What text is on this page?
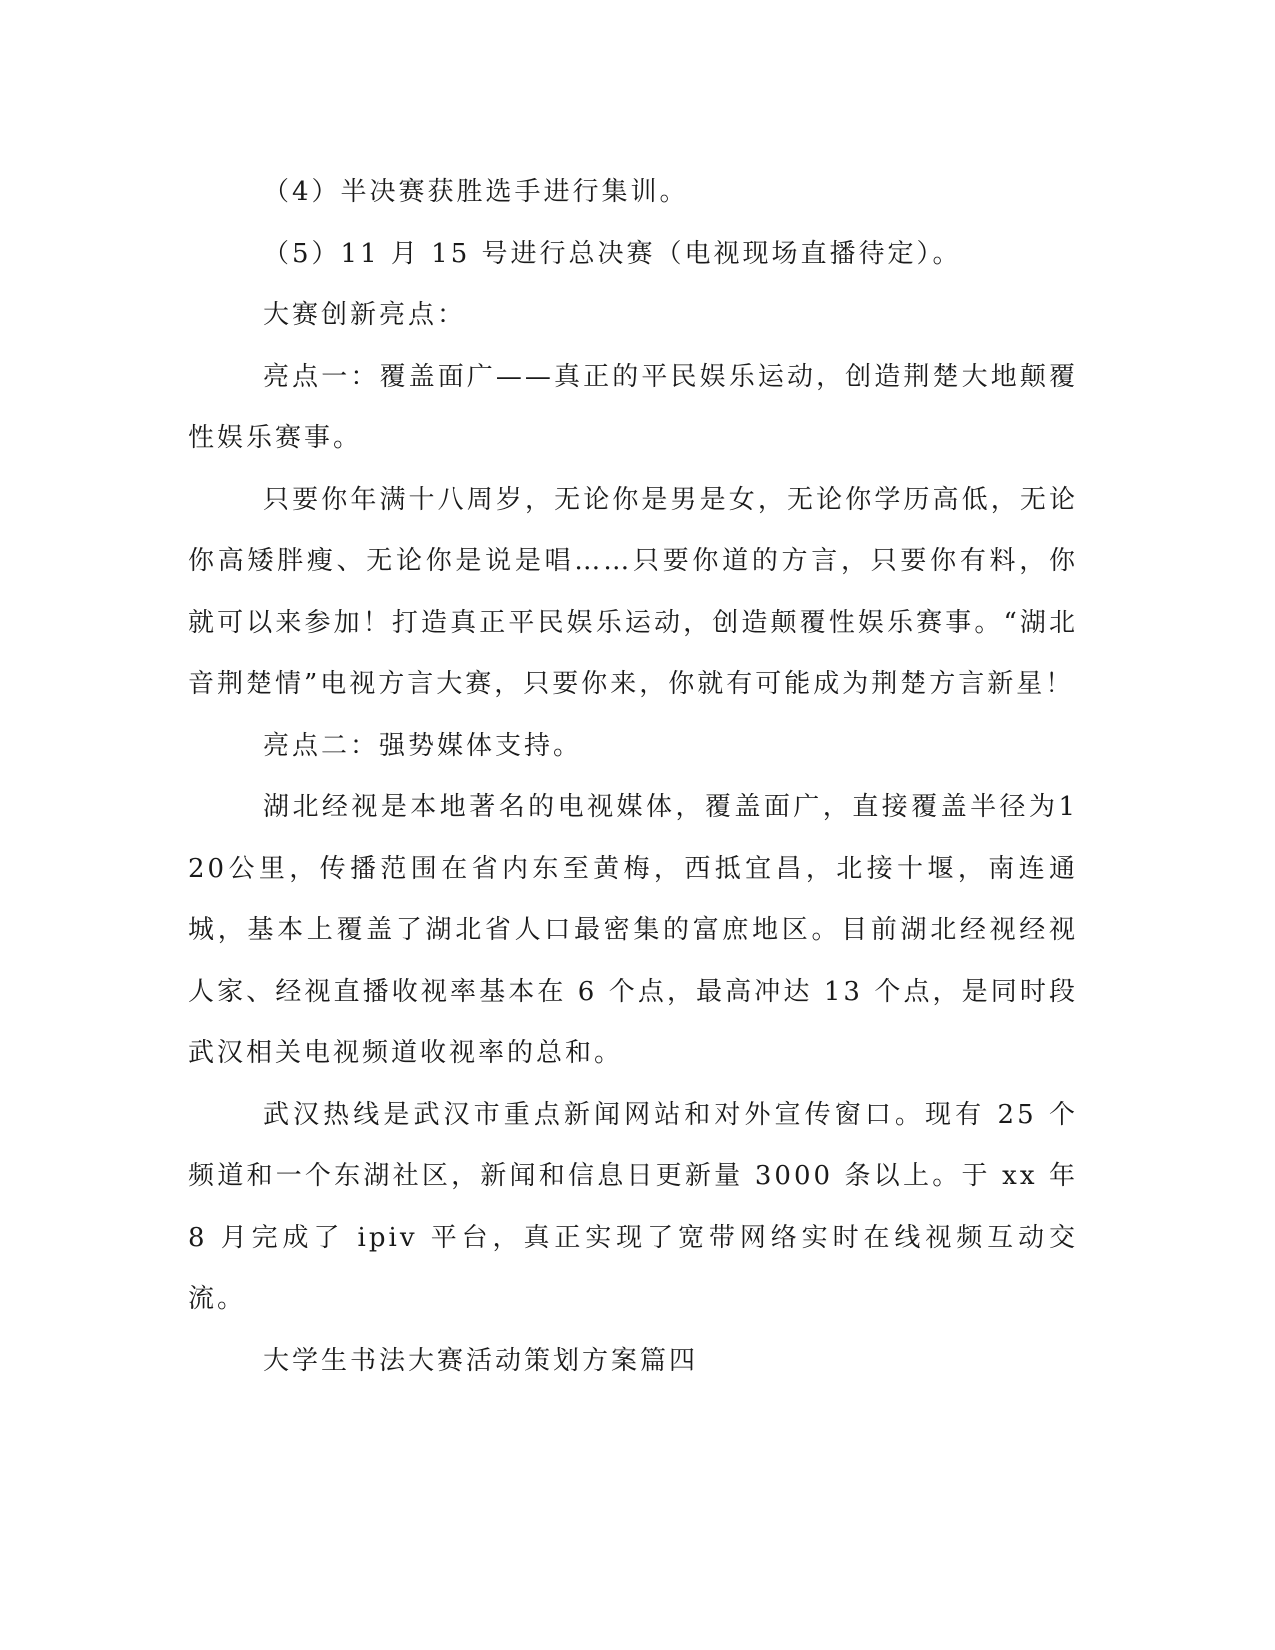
（4）半决赛获胜选手进行集训。

（5）11 月 15 号进行总决赛（电视现场直播待定）。

大赛创新亮点：

亮点一：覆盖面广——真正的平民娱乐运动，创造荆楚大地颠覆性娱乐赛事。

只要你年满十八周岁，无论你是男是女，无论你学历高低，无论你高矮胖瘦、无论你是说是唱……只要你道的方言，只要你有料，你就可以来参加！打造真正平民娱乐运动，创造颠覆性娱乐赛事。“湖北音荆楚情”电视方言大赛，只要你来，你就有可能成为荆楚方言新星！

亮点二：强势媒体支持。

湖北经视是本地著名的电视媒体，覆盖面广，直接覆盖半径为120公里，传播范围在省内东至黄梅，西抵宜昌，北接十堰，南连通城，基本上覆盖了湖北省人口最密集的富庶地区。目前湖北经视经视人家、经视直播收视率基本在 6 个点，最高冲达 13 个点，是同时段武汉相关电视频道收视率的总和。

武汉热线是武汉市重点新闻网站和对外宣传窗口。现有 25 个频道和一个东湖社区，新闻和信息日更新量 3000 条以上。于 xx 年 8 月完成了 ipiv 平台，真正实现了宽带网络实时在线视频互动交流。

大学生书法大赛活动策划方案篇四
